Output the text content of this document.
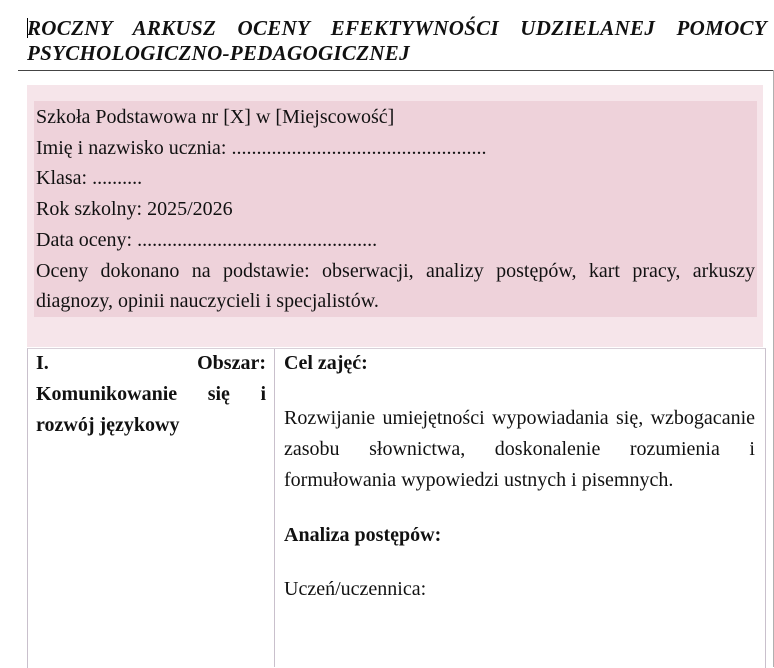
ROCZNY ARKUSZ OCENY EFEKTYWNOŚCI UDZIELANEJ POMOCY
PSYCHOLOGICZNO-PEDAGOGICZNEJ
Szkoła Podstawowa nr [X] w [Miejscowość]
Imię i nazwisko ucznia: ...................................................
Klasa: ..........
Rok szkolny: 2025/2026
Data oceny: ................................................
Oceny dokonano na podstawie: obserwacji, analizy postępów, kart pracy, arkuszy diagnozy, opinii nauczycieli i specjalistów.
I.	Obszar:
Komunikowanie się i
rozwój językowy

Cel zajęć:

Rozwijanie umiejętności wypowiadania się, wzbogacanie zasobu słownictwa, doskonalenie rozumienia i formułowania wypowiedzi ustnych i pisemnych.

Analiza postępów:

Uczeń/uczennica:
